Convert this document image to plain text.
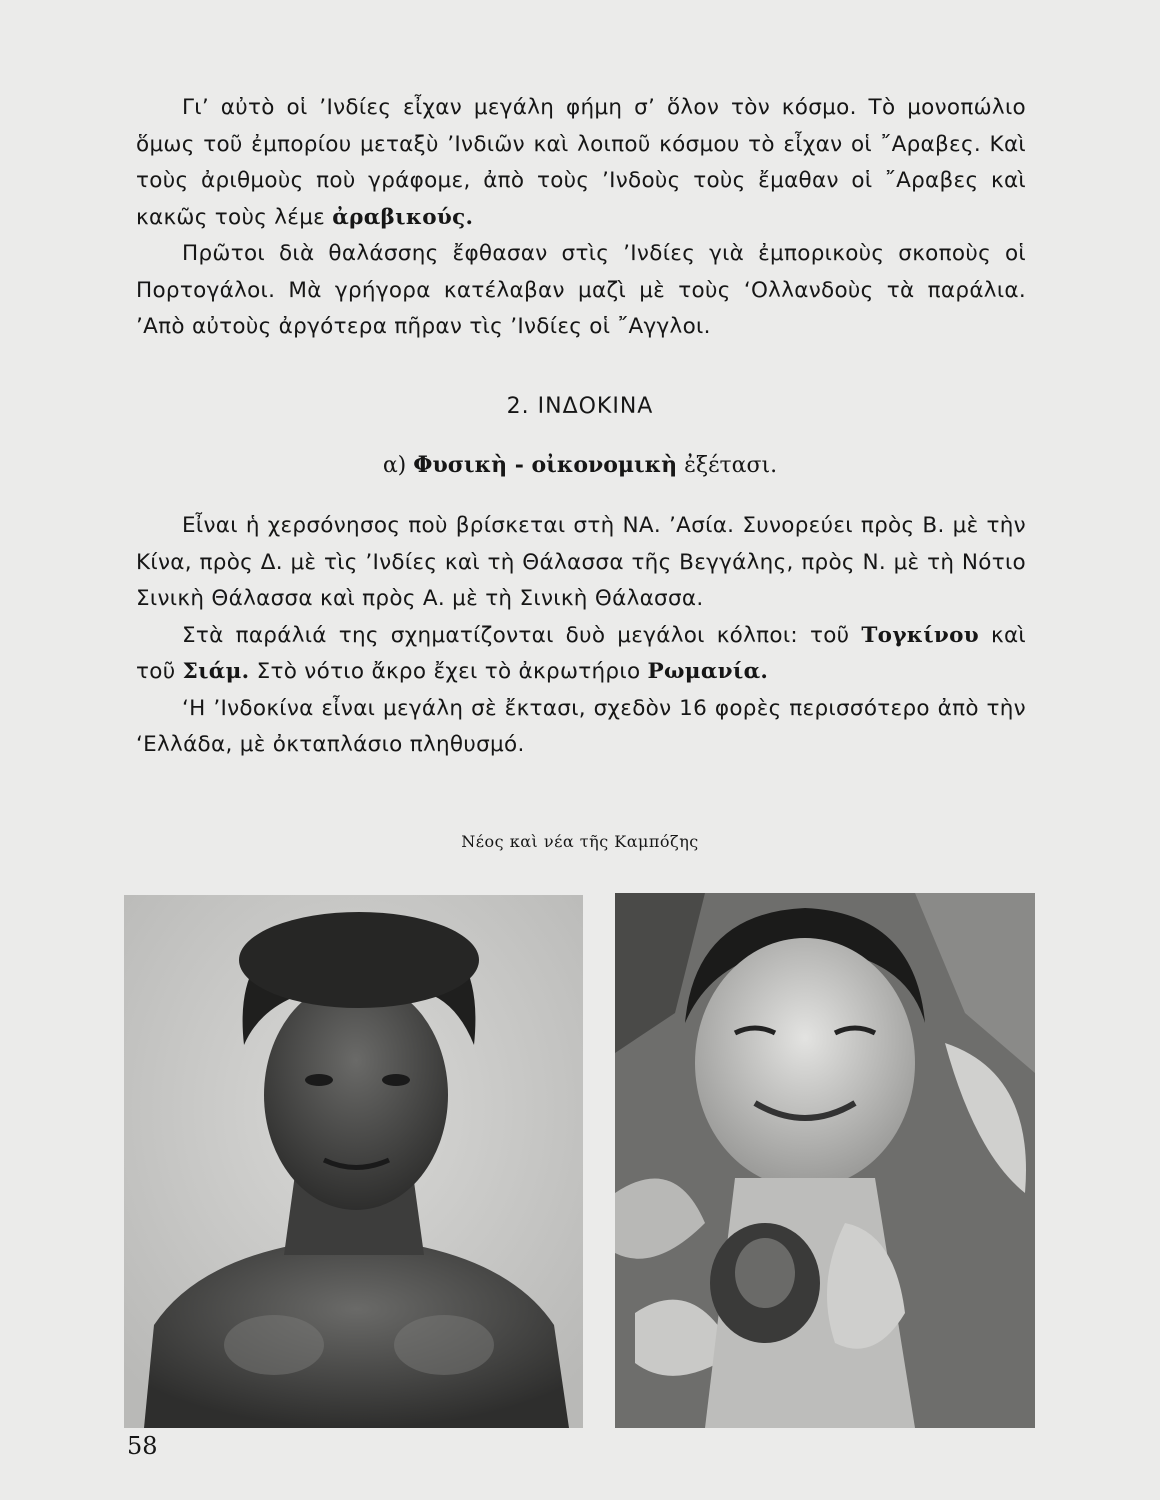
Γι’ αὐτὸ οἱ ’Ινδίες εἶχαν μεγάλη φήμη σ’ ὅλον τὸν κόσμο. Τὸ μονοπώλιο ὅμως τοῦ ἐμπορίου μεταξὺ ’Ινδιῶν καὶ λοιποῦ κόσμου τὸ εἶχαν οἱ ῎Αραβες. Καὶ τοὺς ἀριθμοὺς ποὺ γράφομε, ἀπὸ τοὺς ’Ινδοὺς τοὺς ἔμαθαν οἱ ῎Αραβες καὶ κακῶς τοὺς λέμε ἀραβικούς.

Πρῶτοι διὰ θαλάσσης ἔφθασαν στὶς ’Ινδίες γιὰ ἐμπορικοὺς σκοποὺς οἱ Πορτογάλοι. Μὰ γρήγορα κατέλαβαν μαζὶ μὲ τοὺς ‘Ολλανδοὺς τὰ παράλια. ’Απὸ αὐτοὺς ἀργότερα πῆραν τὶς ’Ινδίες οἱ ῎Αγγλοι.

2. ΙΝΔΟΚΙΝΑ
α) Φυσικὴ - οἰκονομικὴ ἐξέτασι.

Εἶναι ἡ χερσόνησος ποὺ βρίσκεται στὴ ΝΑ. ’Ασία. Συνορεύει πρὸς Β. μὲ τὴν Κίνα, πρὸς Δ. μὲ τὶς ’Ινδίες καὶ τὴ Θάλασσα τῆς Βεγγάλης, πρὸς Ν. μὲ τὴ Νότιο Σινικὴ Θάλασσα καὶ πρὸς Α. μὲ τὴ Σινικὴ Θάλασσα.

Στὰ παράλιά της σχηματίζονται δυὸ μεγάλοι κόλποι: τοῦ Τογκίνου καὶ τοῦ Σιάμ. Στὸ νότιο ἄκρο ἔχει τὸ ἀκρωτήριο Ρωμανία.

‘Η ’Ινδοκίνα εἶναι μεγάλη σὲ ἔκτασι, σχεδὸν 16 φορὲς περισσότερο ἀπὸ τὴν ‘Ελλάδα, μὲ ὀκταπλάσιο πληθυσμό.

Νέος καὶ νέα τῆς Καμπόζης
58
